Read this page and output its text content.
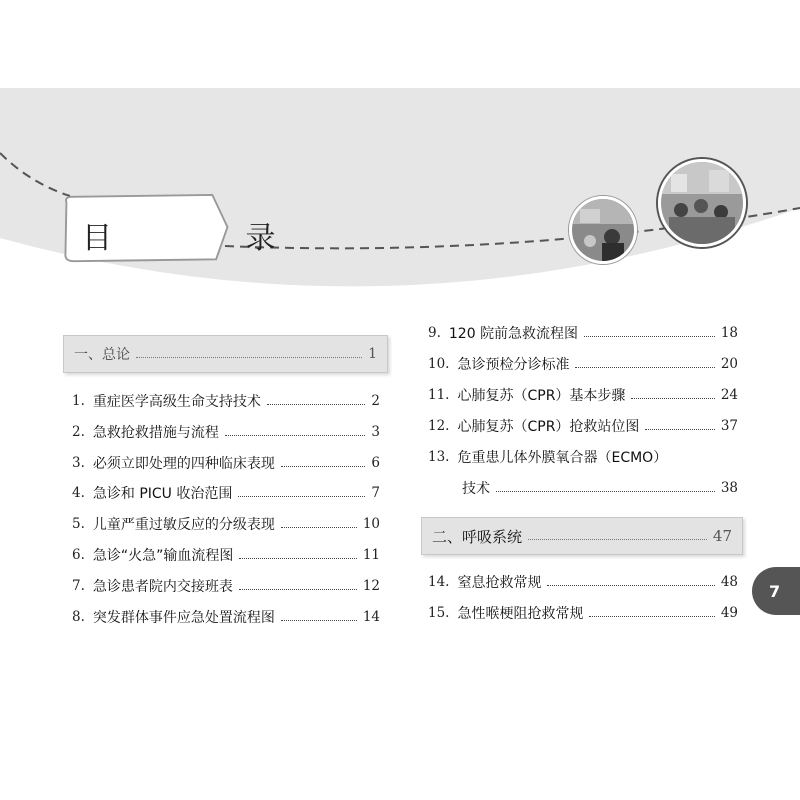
目 录
一、总论	1
1. 重症医学高级生命支持技术	2
2. 急救抢救措施与流程	3
3. 必须立即处理的四种临床表现	6
4. 急诊和 PICU 收治范围	7
5. 儿童严重过敏反应的分级表现	10
6. 急诊“火急”输血流程图	11
7. 急诊患者院内交接班表	12
8. 突发群体事件应急处置流程图	14
9. 120 院前急救流程图	18
10. 急诊预检分诊标准	20
11. 心肺复苏（CPR）基本步骤	24
12. 心肺复苏（CPR）抢救站位图	37
13. 危重患儿体外膜氧合器（ECMO）
技术	38
二、呼吸系统	47
14. 窒息抢救常规	48
15. 急性喉梗阻抢救常规	49
7
